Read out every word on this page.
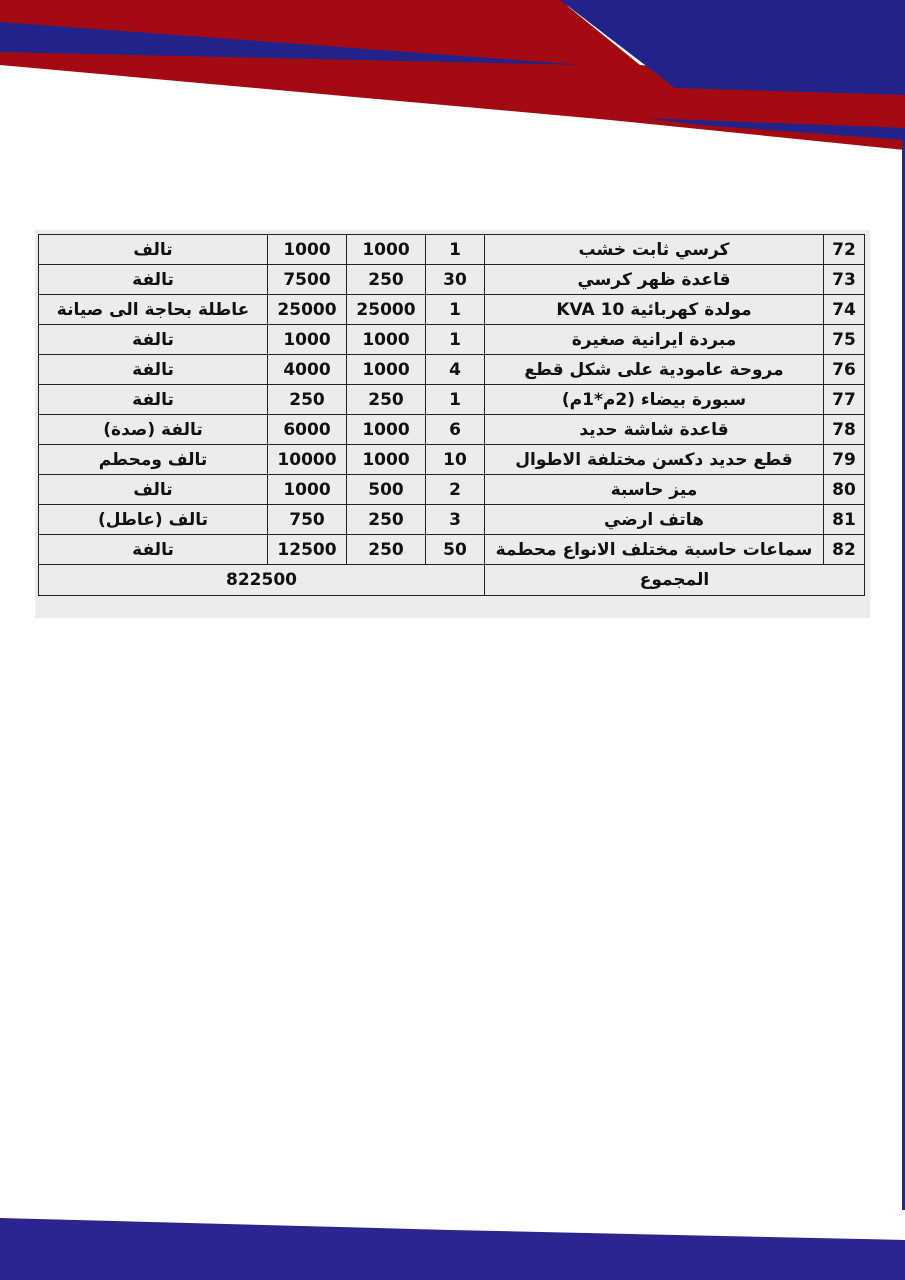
72	كرسي ثابت خشب	1	1000	1000	تالف
73	قاعدة ظهر كرسي	30	250	7500	تالفة
74	مولدة كهربائية KVA 10	1	25000	25000	عاطلة بحاجة الى صيانة
75	مبردة ايرانية صغيرة	1	1000	1000	تالفة
76	مروحة عامودية على شكل قطع	4	1000	4000	تالفة
77	سبورة بيضاء (2م*1م)	1	250	250	تالفة
78	قاعدة شاشة حديد	6	1000	6000	تالفة (صدة)
79	قطع حديد دكسن مختلفة الاطوال	10	1000	10000	تالف ومحطم
80	ميز حاسبة	2	500	1000	تالف
81	هاتف ارضي	3	250	750	تالف (عاطل)
82	سماعات حاسبة مختلف الانواع محطمة	50	250	12500	تالفة
المجموع		822500			
